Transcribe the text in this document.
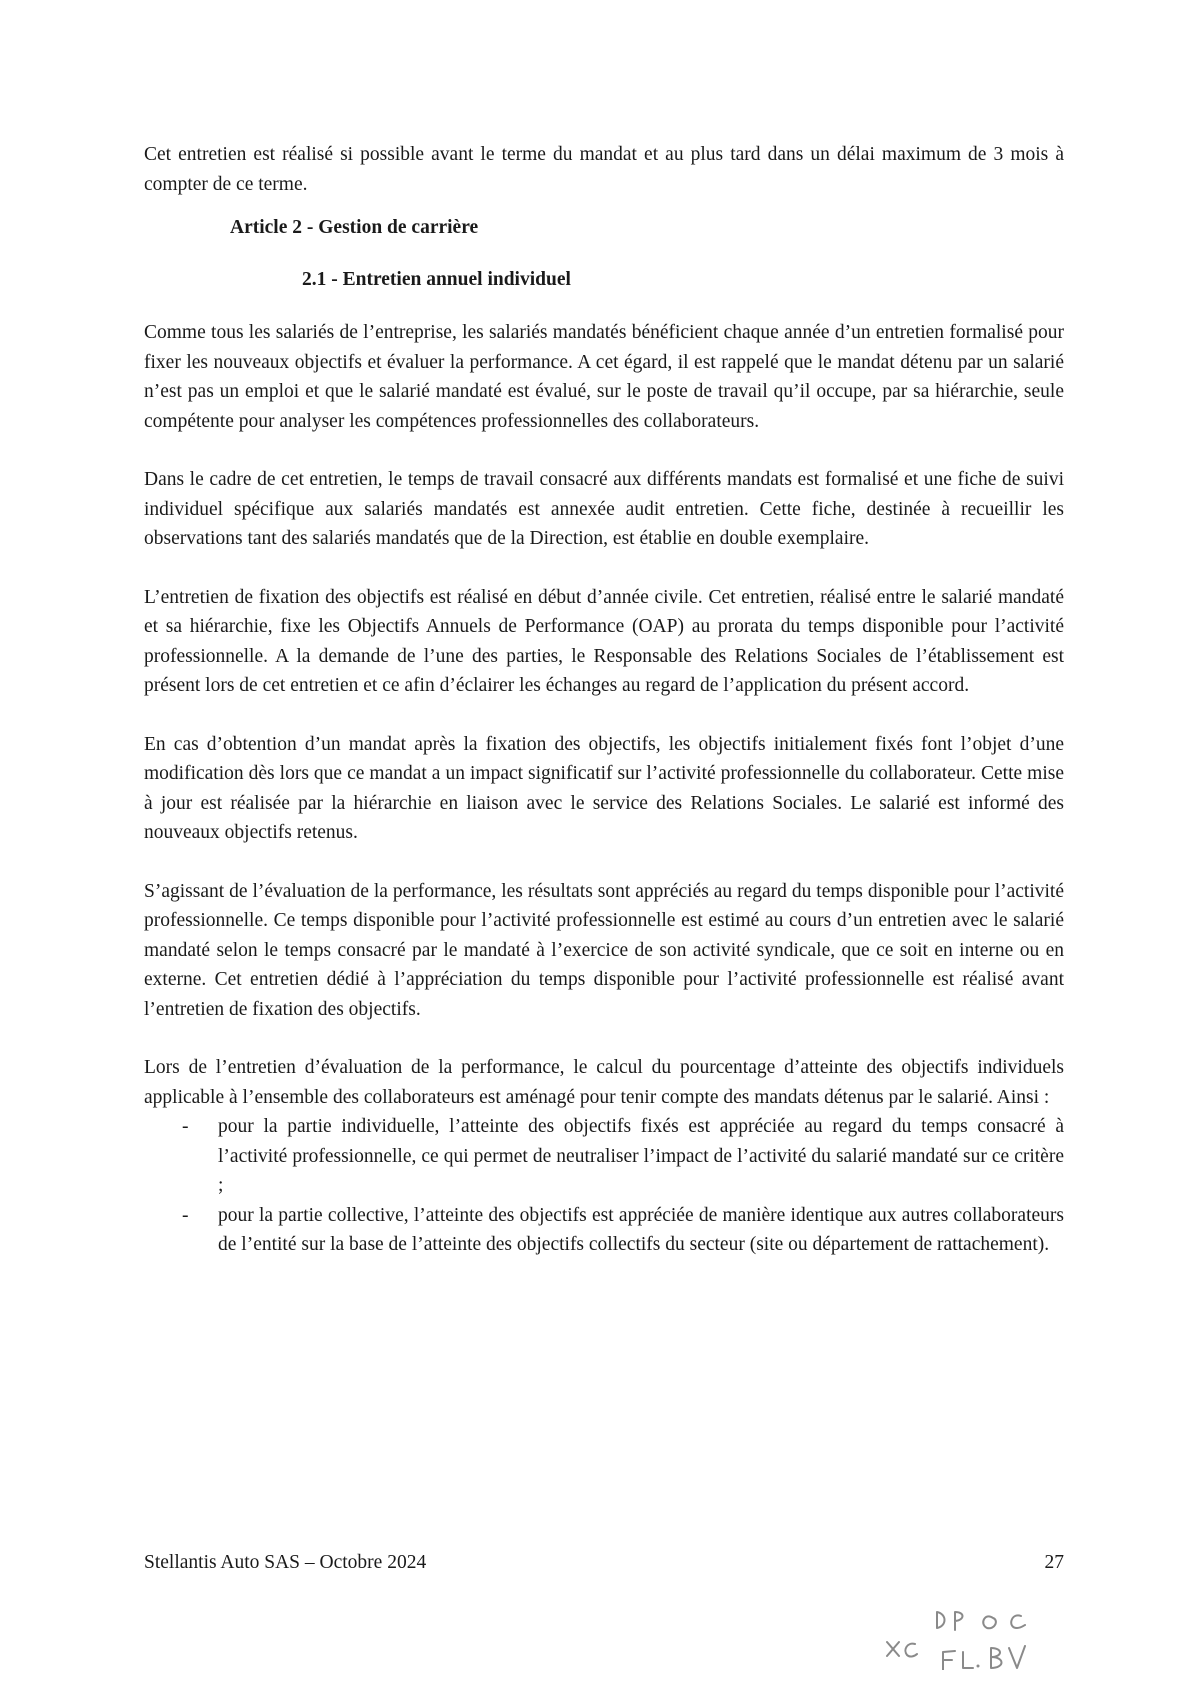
Cet entretien est réalisé si possible avant le terme du mandat et au plus tard dans un délai maximum de 3 mois à compter de ce terme.

Article 2 - Gestion de carrière
2.1 - Entretien annuel individuel

Comme tous les salariés de l’entreprise, les salariés mandatés bénéficient chaque année d’un entretien formalisé pour fixer les nouveaux objectifs et évaluer la performance. A cet égard, il est rappelé que le mandat détenu par un salarié n’est pas un emploi et que le salarié mandaté est évalué, sur le poste de travail qu’il occupe, par sa hiérarchie, seule compétente pour analyser les compétences professionnelles des collaborateurs.

Dans le cadre de cet entretien, le temps de travail consacré aux différents mandats est formalisé et une fiche de suivi individuel spécifique aux salariés mandatés est annexée audit entretien. Cette fiche, destinée à recueillir les observations tant des salariés mandatés que de la Direction, est établie en double exemplaire.

L’entretien de fixation des objectifs est réalisé en début d’année civile. Cet entretien, réalisé entre le salarié mandaté et sa hiérarchie, fixe les Objectifs Annuels de Performance (OAP) au prorata du temps disponible pour l’activité professionnelle. A la demande de l’une des parties, le Responsable des Relations Sociales de l’établissement est présent lors de cet entretien et ce afin d’éclairer les échanges au regard de l’application du présent accord.

En cas d’obtention d’un mandat après la fixation des objectifs, les objectifs initialement fixés font l’objet d’une modification dès lors que ce mandat a un impact significatif sur l’activité professionnelle du collaborateur. Cette mise à jour est réalisée par la hiérarchie en liaison avec le service des Relations Sociales. Le salarié est informé des nouveaux objectifs retenus.

S’agissant de l’évaluation de la performance, les résultats sont appréciés au regard du temps disponible pour l’activité professionnelle. Ce temps disponible pour l’activité professionnelle est estimé au cours d’un entretien avec le salarié mandaté selon le temps consacré par le mandaté à l’exercice de son activité syndicale, que ce soit en interne ou en externe. Cet entretien dédié à l’appréciation du temps disponible pour l’activité professionnelle est réalisé avant l’entretien de fixation des objectifs.

Lors de l’entretien d’évaluation de la performance, le calcul du pourcentage d’atteinte des objectifs individuels applicable à l’ensemble des collaborateurs est aménagé pour tenir compte des mandats détenus par le salarié. Ainsi :

- pour la partie individuelle, l’atteinte des objectifs fixés est appréciée au regard du temps consacré à l’activité professionnelle, ce qui permet de neutraliser l’impact de l’activité du salarié mandaté sur ce critère ;
- pour la partie collective, l’atteinte des objectifs est appréciée de manière identique aux autres collaborateurs de l’entité sur la base de l’atteinte des objectifs collectifs du secteur (site ou département de rattachement).
Stellantis Auto SAS – Octobre 2024	27
